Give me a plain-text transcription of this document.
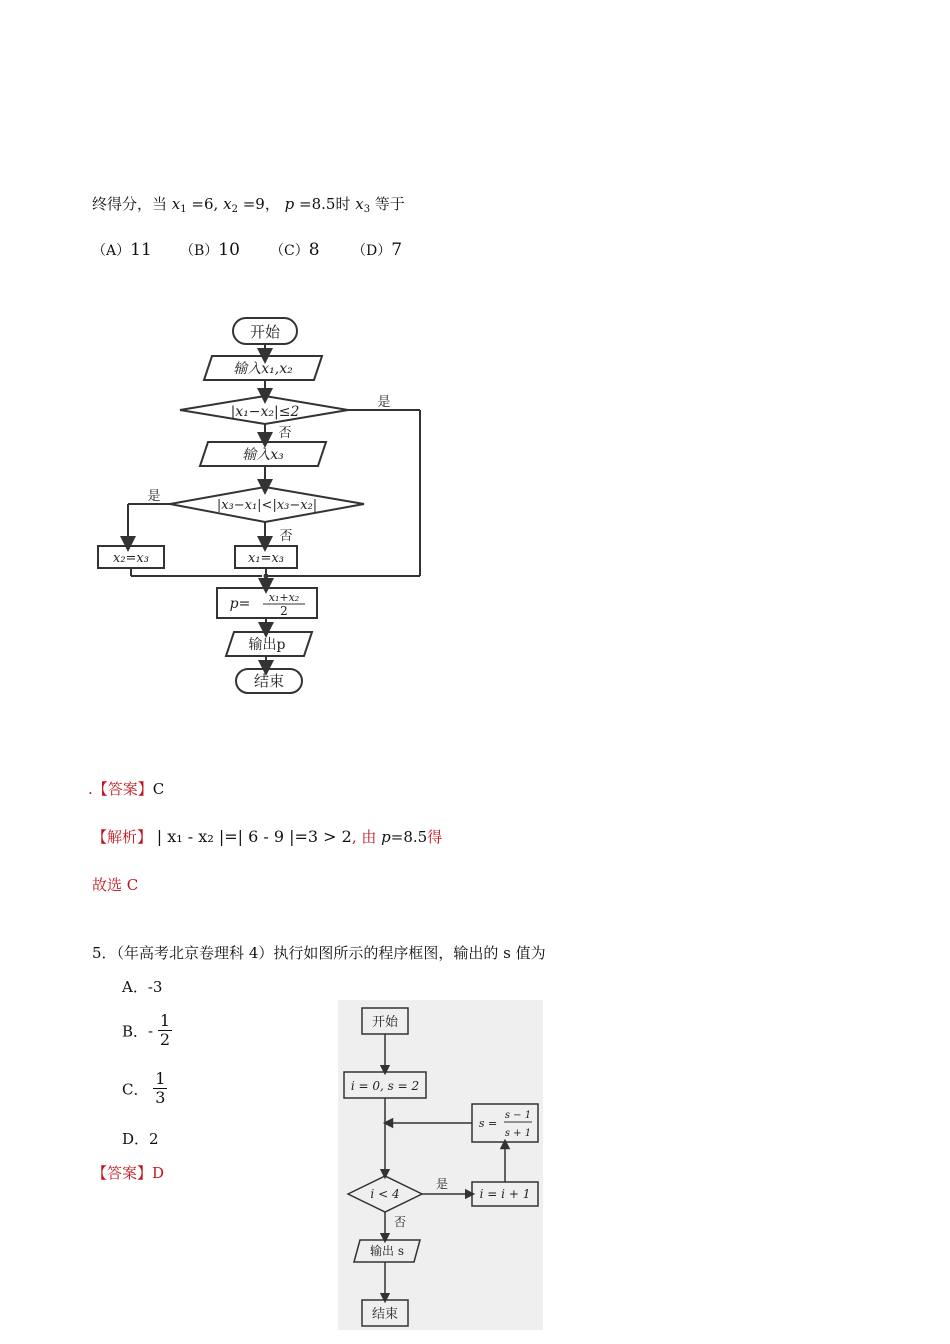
终得分，当 $x_1 =6$, $x_2 =9$， p =8.5时 $x_3$ 等于
（A）11 （B）10 （C）8 （D）7
开始
输入x₁,x₂
|x₁−x₂|≤2
是
否
输入x₃
|x₃−x₁|<|x₃−x₂|
是
否
x₂=x₃	x₁=x₃
p= x₁+x₂
2
输出p
结束
.【答案】C
【解析】 | x₁ - x₂ |=| 6 - 9 |=3 > 2, 由 p=8.5得
故选 C
5．（年高考北京卷理科 4）执行如图所示的程序框图，输出的 s 值为
A．-3
B．- $\frac{1}{2}$
C． $\frac{1}{3}$
D．2
【答案】D
开始
i = 0, s = 2
s =
s − 1
s + 1
i < 4
是
i = i + 1
否
输出 s
结束
